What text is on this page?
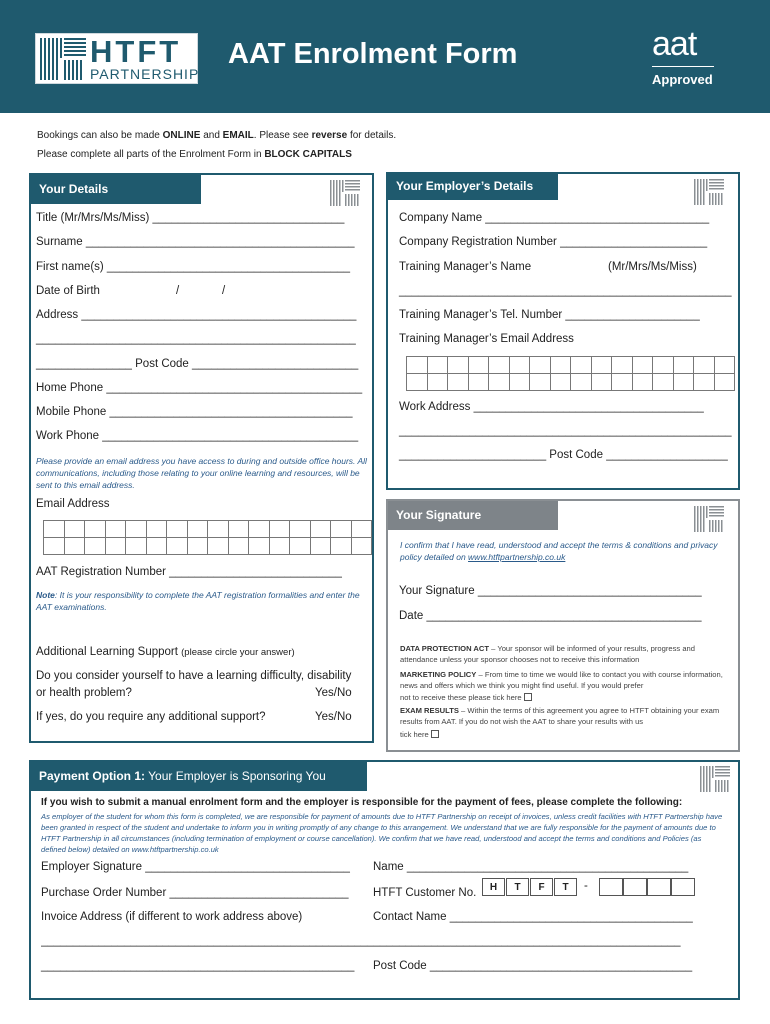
HTFT
PARTNERSHIP
AAT Enrolment Form	aat
Approved
Bookings can also be made ONLINE and EMAIL. Please see reverse for details.
Please complete all parts of the Enrolment Form in BLOCK CAPITALS
Your Details
Title (Mr/Mrs/Ms/Miss) ______________________________
Surname __________________________________________
First name(s) ______________________________________
Date of Birth	/	/
Address ___________________________________________
__________________________________________________
_______________ Post Code __________________________
Home Phone ________________________________________
Mobile Phone ______________________________________
Work Phone ________________________________________
Please provide an email address you have access to during and outside office hours. All communications, including those relating to your online learning and resources, will be sent to this email address.
Email Address

AAT Registration Number ___________________________
Note: It is your responsibility to complete the AAT registration formalities and enter the AAT examinations.
Additional Learning Support (please circle your answer)
Do you consider yourself to have a learning difficulty, disability
or health problem?	Yes/No
If yes, do you require any additional support?	Yes/No
Your Employer’s Details
Company Name ___________________________________
Company Registration Number _______________________
Training Manager’s Name	(Mr/Mrs/Ms/Miss)
____________________________________________________
Training Manager’s Tel. Number _____________________
Training Manager’s Email Address

Work Address ____________________________________
____________________________________________________
_______________________ Post Code ___________________
Your Signature
I confirm that I have read, understood and accept the terms & conditions and privacy policy detailed on www.htftpartnership.co.uk
Your Signature ___________________________________
Date ___________________________________________
DATA PROTECTION ACT – Your sponsor will be informed of your results, progress and attendance unless your sponsor chooses not to receive this information
MARKETING POLICY – From time to time we would like to contact you with course information, news and offers which we think you might find useful. If you would prefer
not to receive these please tick here
EXAM RESULTS – Within the terms of this agreement you agree to HTFT obtaining your exam results from AAT. If you do not wish the AAT to share your results with us
tick here
Payment Option 1: Your Employer is Sponsoring You
If you wish to submit a manual enrolment form and the employer is responsible for the payment of fees, please complete the following:
As employer of the student for whom this form is completed, we are responsible for payment of amounts due to HTFT Partnership on receipt of invoices, unless credit facilities with HTFT Partnership have been granted in respect of the student and undertake to inform you in writing promptly of any change to this arrangement. We understand that we are fully responsible for the payment of amounts due to HTFT Partnership in all circumstances (including termination of employment or course cancellation). We confirm that we have read, understood and accept the terms and conditions and Policies (as defined below) detailed on www.htftpartnership.co.uk
Employer Signature ________________________________ Name ____________________________________________
Purchase Order Number ____________________________ HTFT Customer No.	H	T	F	T	-
Invoice Address (if different to work address above)	Contact Name ______________________________________
____________________________________________________________________________________________________
_________________________________________________ Post Code _________________________________________
